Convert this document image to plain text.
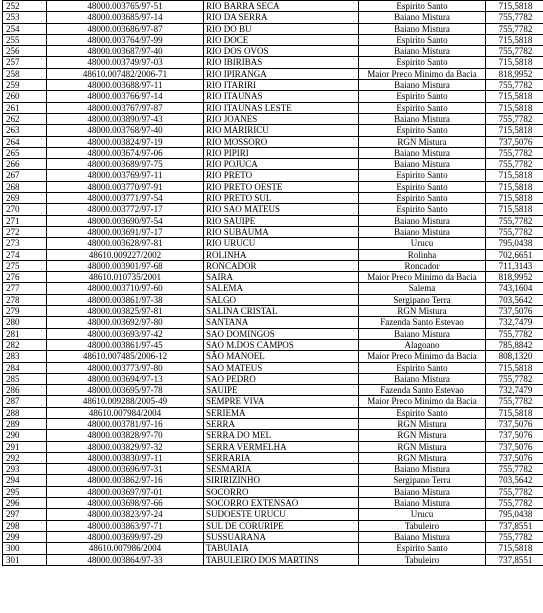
252	48000.003765/97-51	RIO BARRA SECA	Espirito Santo	715,5818
253	48000.003685/97-14	RIO DA SERRA	Baiano Mistura	755,7782
254	48000.003686/97-87	RIO DO BU	Baiano Mistura	755,7782
255	48000.003764/97-99	RIO DOCE	Espirito Santo	715,5818
256	48000.003687/97-40	RIO DOS OVOS	Baiano Mistura	755,7782
257	48000.003749/97-03	RIO IBIRIBAS	Espirito Santo	715,5818
258	48610.007482/2006-71	RIO IPIRANGA	Maior Preco Minimo da Bacia	818,9952
259	48000.003688/97-11	RIO ITARIRI	Baiano Mistura	755,7782
260	48000.003766/97-14	RIO ITAUNAS	Espirito Santo	715,5818
261	48000.003767/97-87	RIO ITAUNAS LESTE	Espirito Santo	715,5818
262	48000.003890/97-43	RIO JOANES	Baiano Mistura	755,7782
263	48000.003768/97-40	RIO MARIRICU	Espirito Santo	715,5818
264	48000.003824/97-19	RIO MOSSORO	RGN Mistura	737,5076
265	48000.003674/97-06	RIO PIPIRI	Baiano Mistura	755,7782
266	48000.003689/97-75	RIO POJUCA	Baiano Mistura	755,7782
267	48000.003769/97-11	RIO PRETO	Espirito Santo	715,5818
268	48000.003770/97-91	RIO PRETO OESTE	Espirito Santo	715,5818
269	48000.003771/97-54	RIO PRETO SUL	Espirito Santo	715,5818
270	48000.003772/97-17	RIO SAO MATEUS	Espirito Santo	715,5818
271	48000.003690/97-54	RIO SAUIPE	Baiano Mistura	755,7782
272	48000.003691/97-17	RIO SUBAUMA	Baiano Mistura	755,7782
273	48000.003628/97-81	RIO URUCU	Urucu	795,0438
274	48610.009227/2002	ROLINHA	Rolinha	702,6651
275	48000.003901/97-68	RONCADOR	Roncador	711,3143
276	48610.010735/2001	SAIRA	Maior Preco Minimo da Bacia	818,9952
277	48000.003710/97-60	SALEMA	Salema	743,1604
278	48000.003861/97-38	SALGO	Sergipano Terra	703,5642
279	48000.003825/97-81	SALINA CRISTAL	RGN Mistura	737,5076
280	48000.003692/97-80	SANTANA	Fazenda Santo Estevao	732,7479
281	48000.003693/97-42	SAO DOMINGOS	Baiano Mistura	755,7782
282	48000.003861/97-45	SAO M.DOS CAMPOS	Alagoano	785,8842
283	48610.007485/2006-12	SÃO MANOEL	Maior Preco Minimo da Bacia	808,1320
284	48000.003773/97-80	SAO MATEUS	Espirito Santo	715,5818
285	48000.003694/97-13	SAO PEDRO	Baiano Mistura	755,7782
286	48000.003695/97-78	SAUIPE	Fazenda Santo Estevao	732,7479
287	48610.009288/2005-49	SEMPRE VIVA	Maior Preco Minimo da Bacia	755,7782
288	48610.007984/2004	SERIEMA	Espirito Santo	715,5818
289	48000.003781/97-16	SERRA	RGN Mistura	737,5076
290	48000.003828/97-70	SERRA DO MEL	RGN Mistura	737,5076
291	48000.003829/97-32	SERRA VERMELHA	RGN Mistura	737,5076
292	48000.003830/97-11	SERRARIA	RGN Mistura	737,5076
293	48000.003696/97-31	SESMARIA	Baiano Mistura	755,7782
294	48000.003862/97-16	SIRIRIZINHO	Sergipano Terra	703,5642
295	48000.003697/97-01	SOCORRO	Baiano Mistura	755,7782
296	48000.003698/97-66	SOCORRO EXTENSAO	Baiano Mistura	755,7782
297	48000.003823/97-24	SUDOESTE URUCU	Urucu	795,0438
298	48000.003863/97-71	SUL DE CORURIPE	Tabuleiro	737,8551
299	48000.003699/97-29	SUSSUARANA	Baiano Mistura	755,7782
300	48610.007986/2004	TABUIAIA	Espirito Santo	715,5818
301	48000.003864/97-33	TABULEIRO DOS MARTINS	Tabuleiro	737,8551
